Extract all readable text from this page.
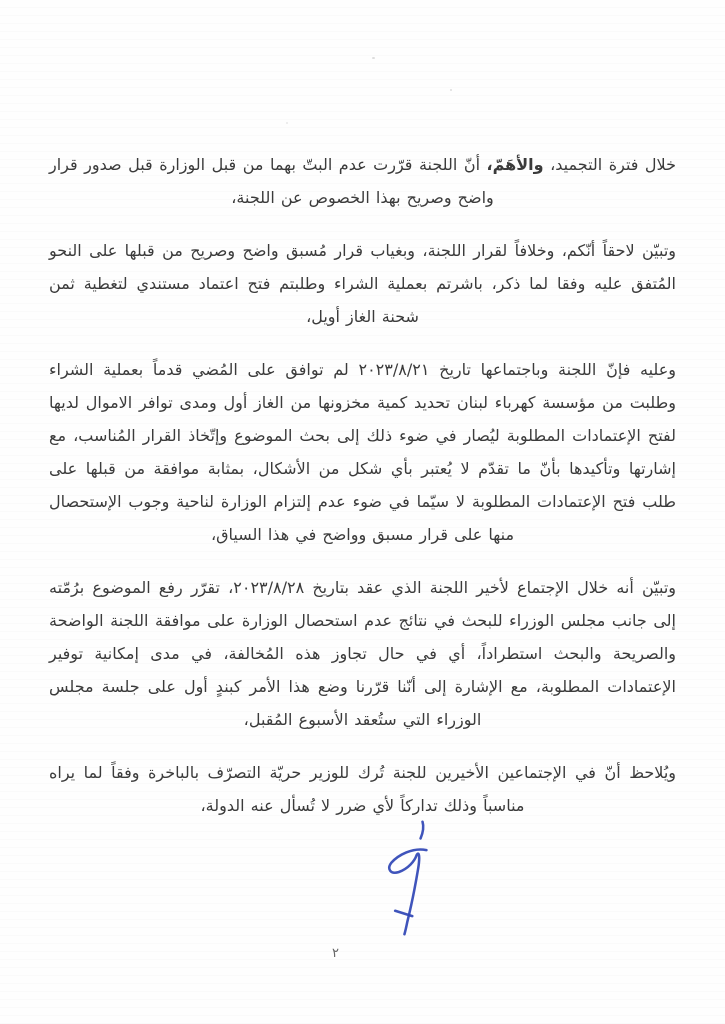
خلال فترة التجميد، والأهَمّ، أنّ اللجنة قرّرت عدم البتّ بهما من قبل الوزارة قبل صدور قرار واضح وصريح بهذا الخصوص عن اللجنة،

وتبيّن لاحقاً أنّكم، وخلافاً لقرار اللجنة، وبغياب قرار مُسبق واضح وصريح من قبلها على النحو المُتفق عليه وفقا لما ذكر، باشرتم بعملية الشراء وطلبتم فتح اعتماد مستندي لتغطية ثمن شحنة الغاز أويل،

وعليه فإنّ اللجنة وباجتماعها تاريخ ٢٠٢٣/٨/٢١ لم توافق على المُضي قدماً بعملية الشراء وطلبت من مؤسسة كهرباء لبنان تحديد كمية مخزونها من الغاز أول ومدى توافر الاموال لديها لفتح الإعتمادات المطلوبة ليُصار في ضوء ذلك إلى بحث الموضوع وإتّخاذ القرار المُناسب، مع إشارتها وتأكيدها بأنّ ما تقدّم لا يُعتبر بأي شكل من الأشكال، بمثابة موافقة من قبلها على طلب فتح الإعتمادات المطلوبة لا سيّما في ضوء عدم إلتزام الوزارة لناحية وجوب الإستحصال منها على قرار مسبق وواضح في هذا السياق،

وتبيّن أنه خلال الإجتماع لأخير اللجنة الذي عقد بتاريخ ٢٠٢٣/٨/٢٨، تقرّر رفع الموضوع برُمّته إلى جانب مجلس الوزراء للبحث في نتائج عدم استحصال الوزارة على موافقة اللجنة الواضحة والصريحة والبحث استطراداً، أي في حال تجاوز هذه المُخالفة، في مدى إمكانية توفير الإعتمادات المطلوبة، مع الإشارة إلى أنّنا قرّرنا وضع هذا الأمر كبندٍ أول على جلسة مجلس الوزراء التي ستُعقد الأسبوع المُقبل،

ويُلاحظ أنّ في الإجتماعين الأخيرين للجنة تُرك للوزير حريّة التصرّف بالباخرة وفقاً لما يراه مناسباً وذلك تداركاً لأي ضرر لا تُسأل عنه الدولة،

٢
